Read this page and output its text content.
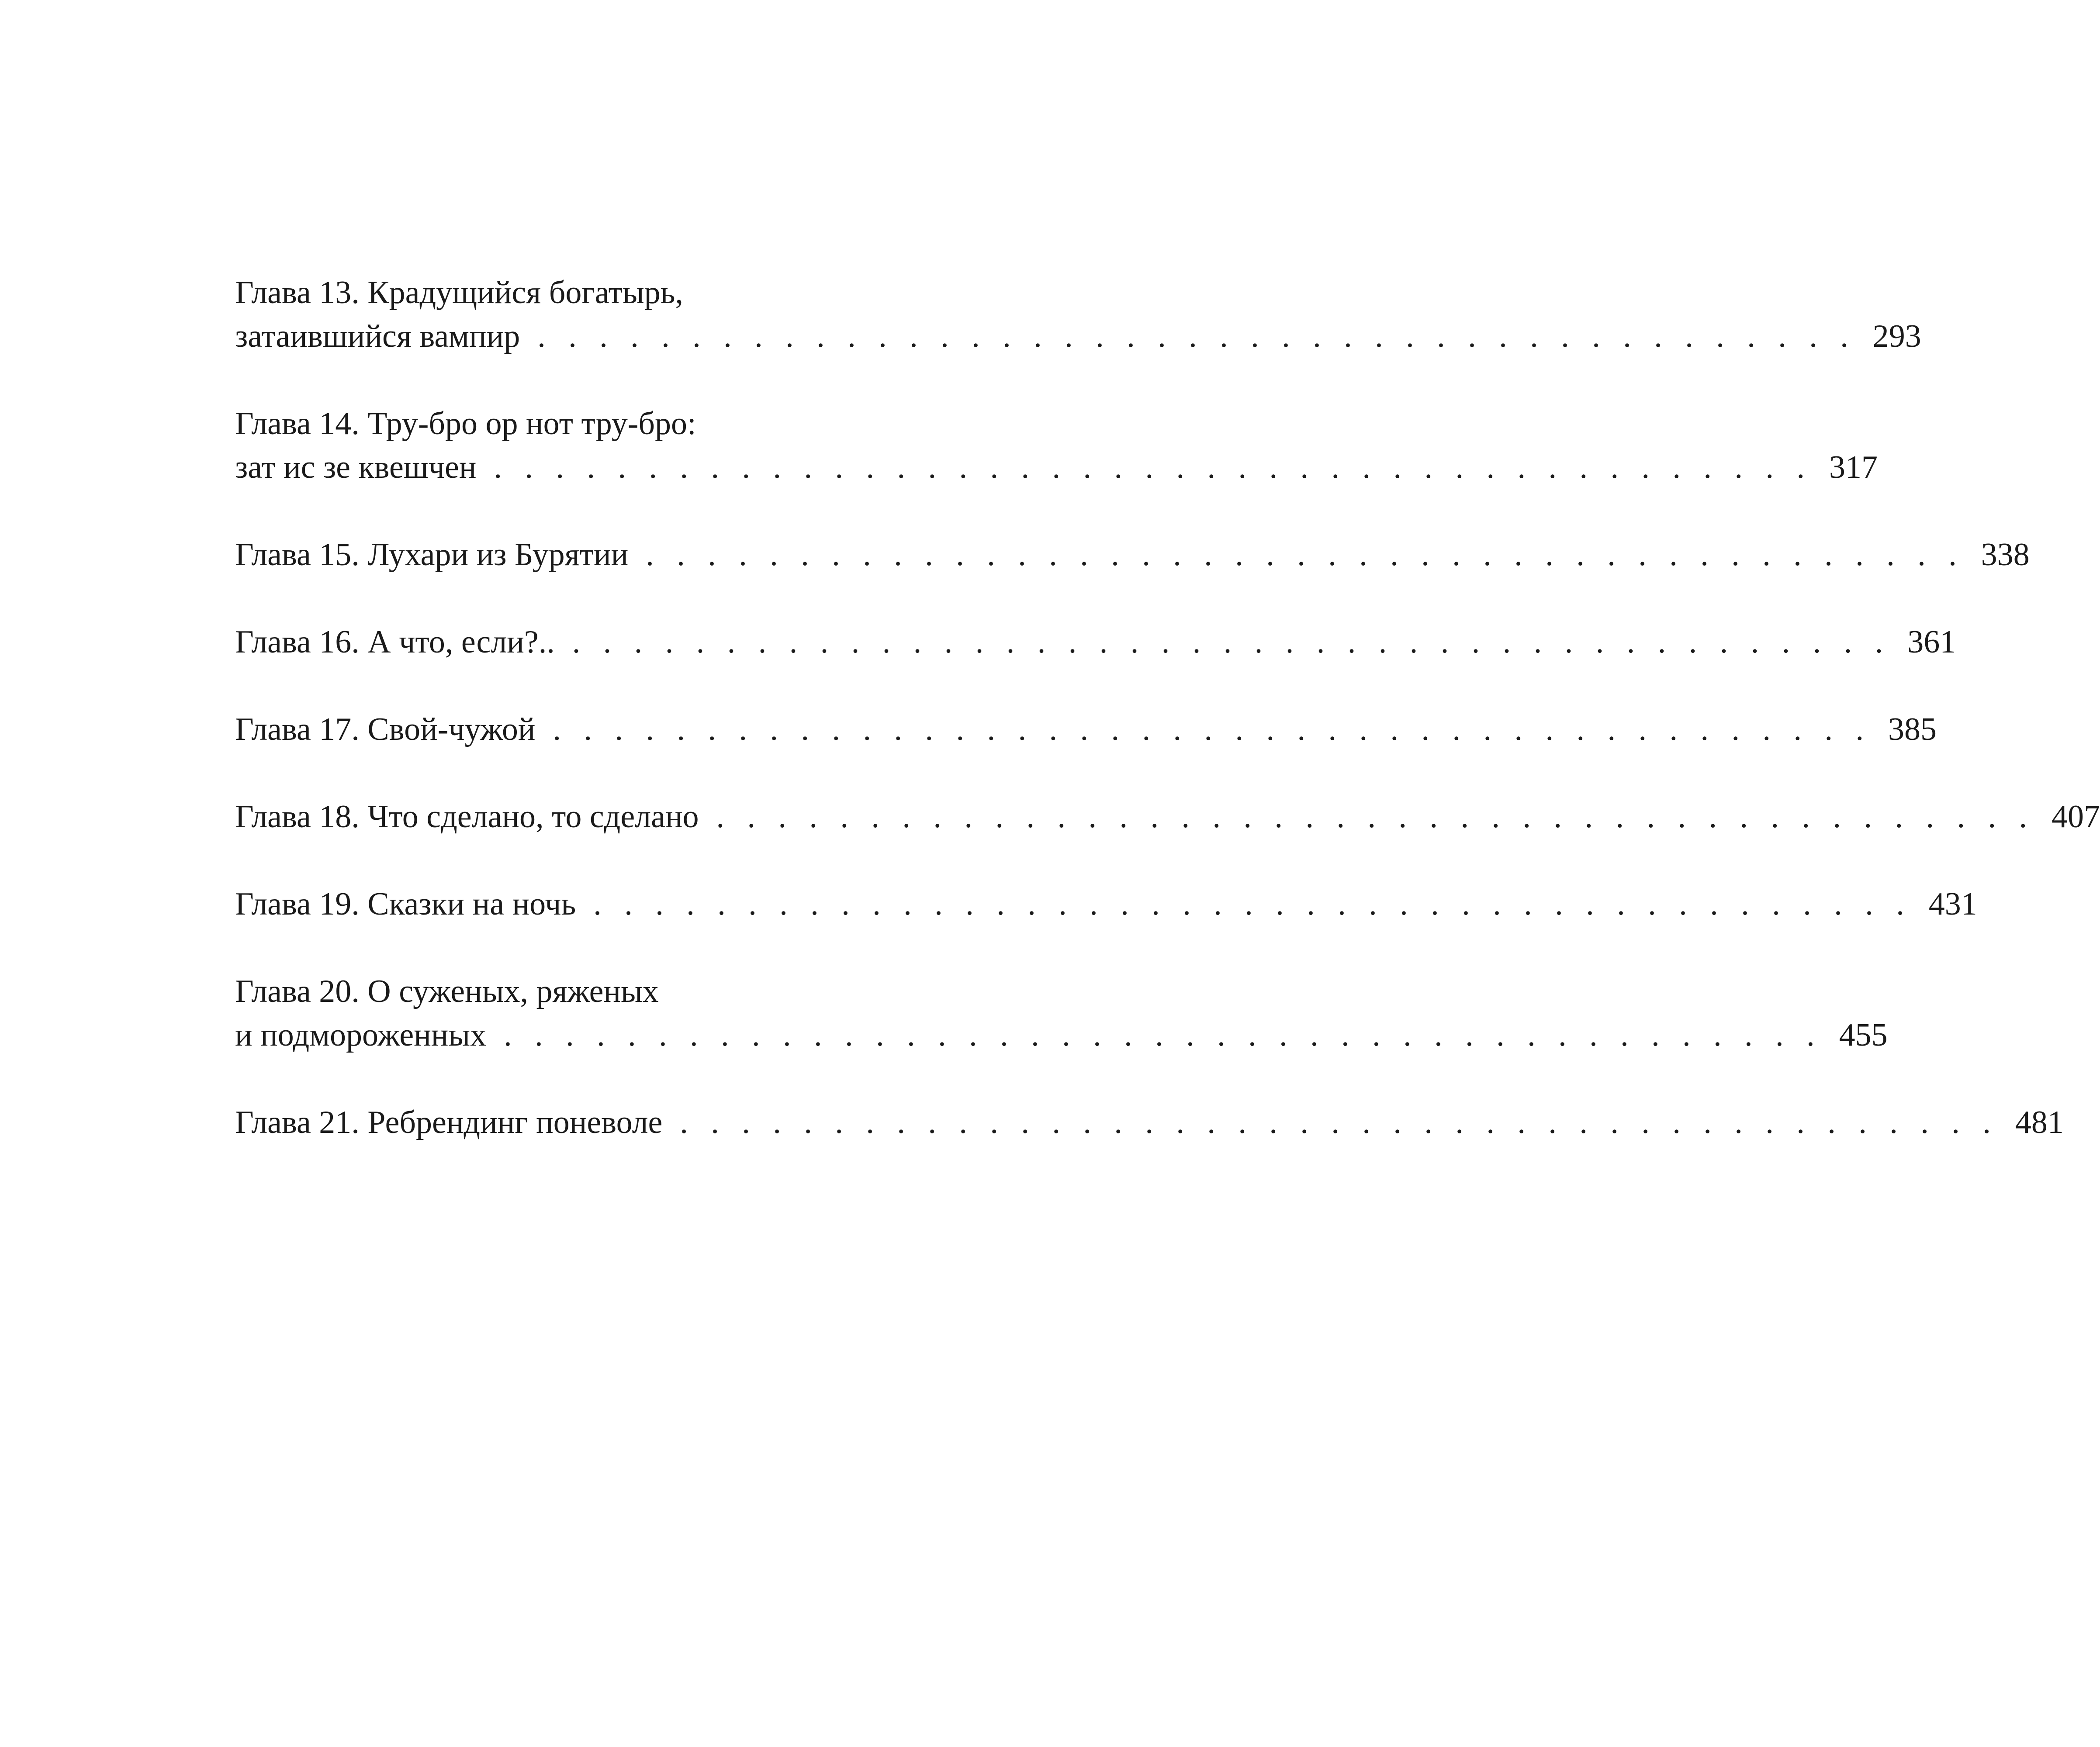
Глава 13. Крадущийся богатырь,
затаившийся вампир . . . . . . . . . . . . . . . . . . . . . . . . . . . . . . . . . . . . . . . . . . . 293
Глава 14. Тру-бро ор нот тру-бро:
зат ис зе квешчен . . . . . . . . . . . . . . . . . . . . . . . . . . . . . . . . . . . . . . . . . . . 317
Глава 15. Лухари из Бурятии . . . . . . . . . . . . . . . . . . . . . . . . . . . . . . . . . . . . . . . . . . . 338
Глава 16. А что, если?.. . . . . . . . . . . . . . . . . . . . . . . . . . . . . . . . . . . . . . . . . . . . 361
Глава 17. Свой-чужой . . . . . . . . . . . . . . . . . . . . . . . . . . . . . . . . . . . . . . . . . . . 385
Глава 18. Что сделано, то сделано . . . . . . . . . . . . . . . . . . . . . . . . . . . . . . . . . . . . . . . . . . . 407
Глава 19. Сказки на ночь . . . . . . . . . . . . . . . . . . . . . . . . . . . . . . . . . . . . . . . . . . . 431
Глава 20. О суженых, ряженых
и подмороженных . . . . . . . . . . . . . . . . . . . . . . . . . . . . . . . . . . . . . . . . . . . 455
Глава 21. Ребрендинг поневоле . . . . . . . . . . . . . . . . . . . . . . . . . . . . . . . . . . . . . . . . . . . 481
